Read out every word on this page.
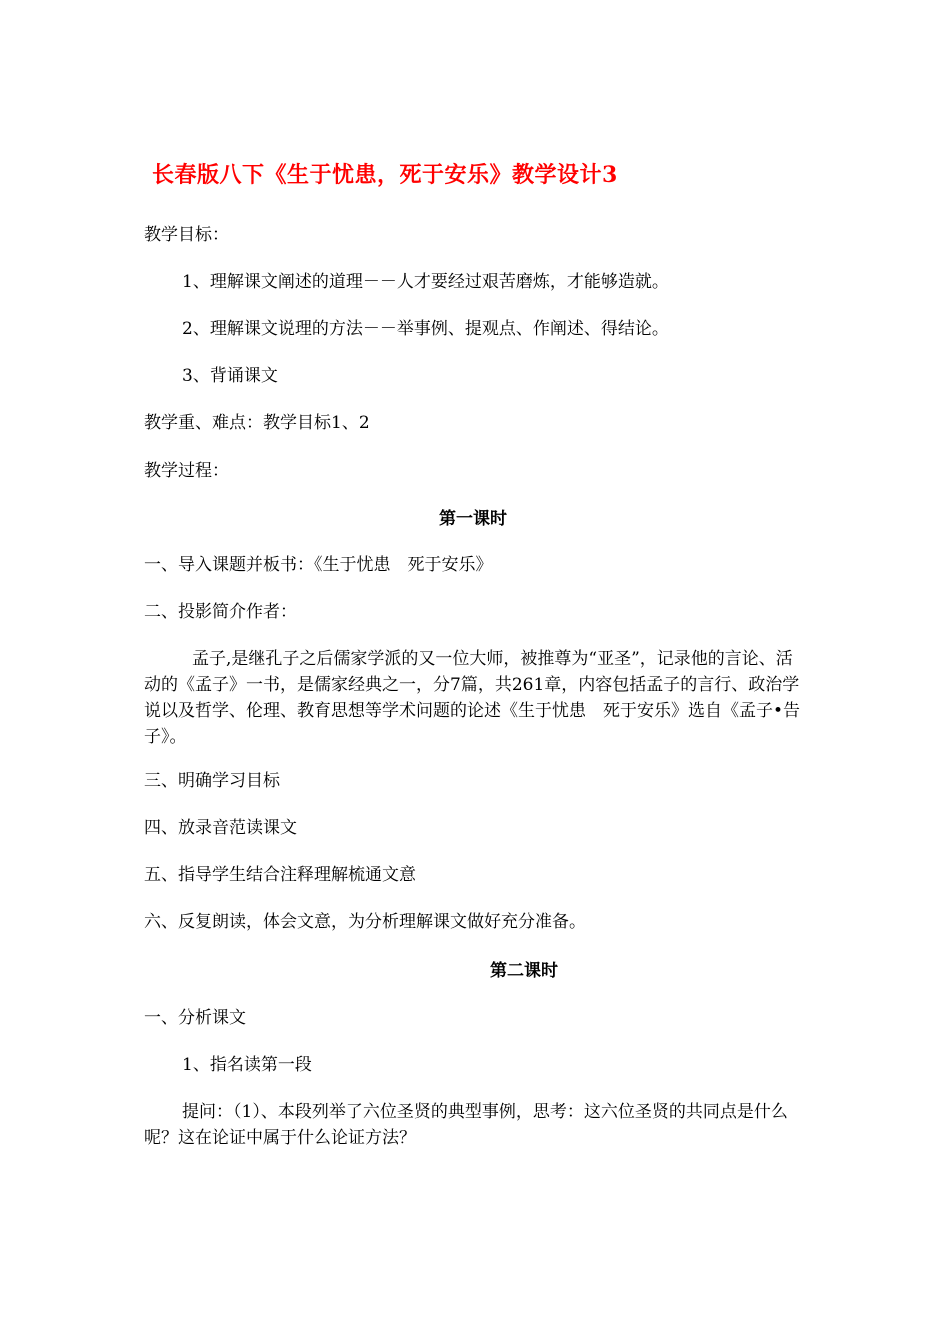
长春版八下《生于忧患，死于安乐》教学设计3
教学目标：
1、理解课文阐述的道理－－人才要经过艰苦磨炼，才能够造就。
2、理解课文说理的方法－－举事例、提观点、作阐述、得结论。
3、背诵课文
教学重、难点：教学目标1、2
教学过程：
第一课时
一、导入课题并板书：《生于忧患　死于安乐》
二、投影简介作者：
孟子,是继孔子之后儒家学派的又一位大师，被推尊为“亚圣”，记录他的言论、活动的《孟子》一书，是儒家经典之一，分7篇，共261章，内容包括孟子的言行、政治学说以及哲学、伦理、教育思想等学术问题的论述《生于忧患　死于安乐》选自《孟子•告子》。
三、明确学习目标
四、放录音范读课文
五、指导学生结合注释理解梳通文意
六、反复朗读，体会文意，为分析理解课文做好充分准备。
第二课时
一、分析课文
1、指名读第一段
提问：（1）、本段列举了六位圣贤的典型事例，思考：这六位圣贤的共同点是什么呢？这在论证中属于什么论证方法？
